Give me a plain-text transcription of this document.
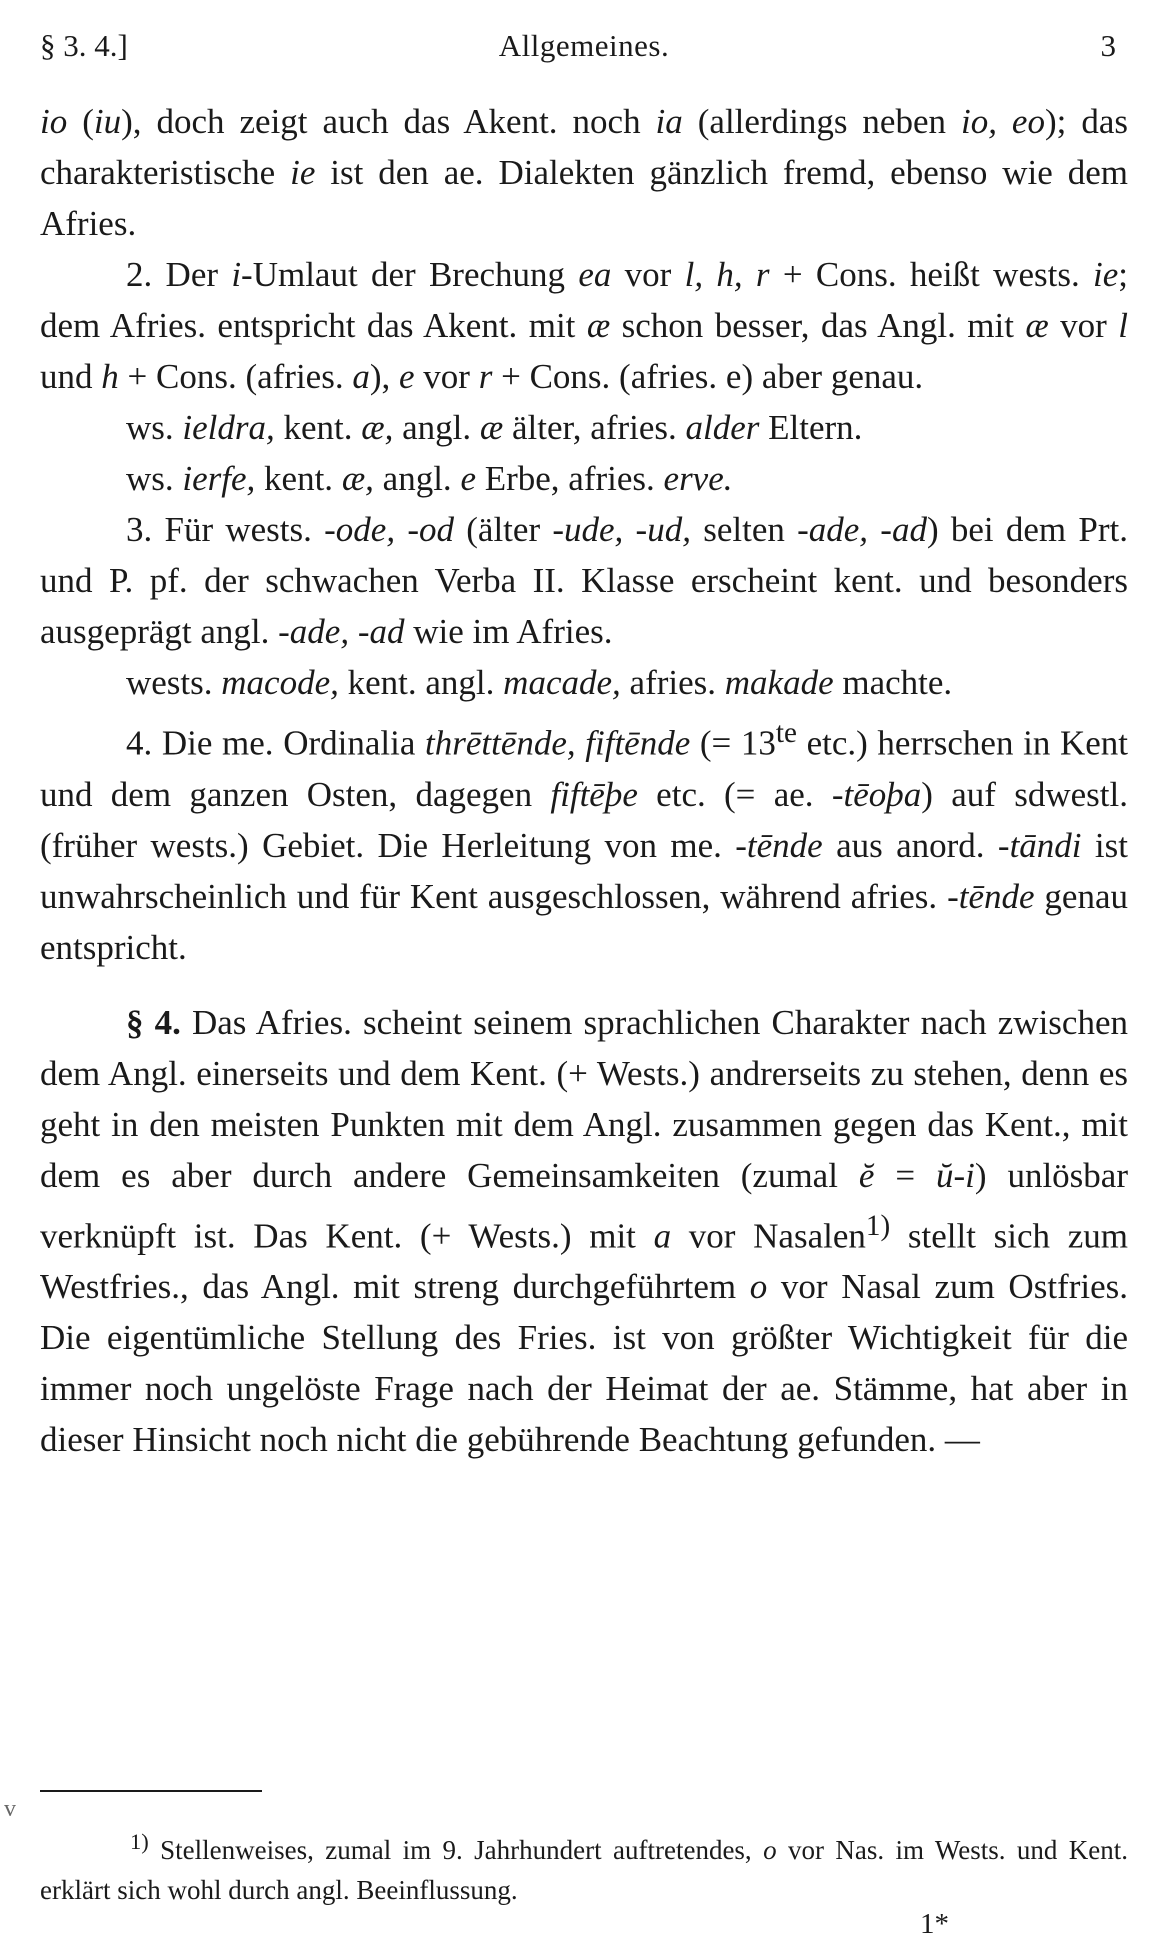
§ 3. 4.]	Allgemeines.	3

io (iu), doch zeigt auch das Akent. noch ia (allerdings neben io, eo); das charakteristische ie ist den ae. Dialekten gänzlich fremd, ebenso wie dem Afries.

2. Der i-Umlaut der Brechung ea vor l, h, r + Cons. heißt wests. ie; dem Afries. entspricht das Akent. mit æ schon besser, das Angl. mit æ vor l und h + Cons. (afries. a), e vor r + Cons. (afries. e) aber genau.

ws. ieldra, kent. æ, angl. æ älter, afries. alder Eltern.

ws. ierfe, kent. æ, angl. e Erbe, afries. erve.

3. Für wests. -ode, -od (älter -ude, -ud, selten -ade, -ad) bei dem Prt. und P. pf. der schwachen Verba II. Klasse erscheint kent. und besonders ausgeprägt angl. -ade, -ad wie im Afries.

wests. macode, kent. angl. macade, afries. makade machte.

4. Die me. Ordinalia thrēttēnde, fiftēnde (= $13^{te}$ etc.) herrschen in Kent und dem ganzen Osten, dagegen fiftēþe etc. (= ae. -tēoþa) auf sdwestl. (früher wests.) Gebiet. Die Herleitung von me. -tēnde aus anord. -tāndi ist unwahrscheinlich und für Kent ausgeschlossen, während afries. -tēnde genau entspricht.

§ 4. Das Afries. scheint seinem sprachlichen Charakter nach zwischen dem Angl. einerseits und dem Kent. (+ Wests.) andrerseits zu stehen, denn es geht in den meisten Punkten mit dem Angl. zusammen gegen das Kent., mit dem es aber durch andere Gemeinsamkeiten (zumal ĕ = ŭ-i) unlösbar verknüpft ist. Das Kent. (+ Wests.) mit a vor Nasalen$^{1)}$ stellt sich zum Westfries., das Angl. mit streng durchgeführtem o vor Nasal zum Ostfries. Die eigentümliche Stellung des Fries. ist von größter Wichtigkeit für die immer noch ungelöste Frage nach der Heimat der ae. Stämme, hat aber in dieser Hinsicht noch nicht die gebührende Beachtung gefunden. —

v

$^{1)}$ Stellenweises, zumal im 9. Jahrhundert auftretendes, o vor Nas. im Wests. und Kent. erklärt sich wohl durch angl. Beeinflussung.

1*
